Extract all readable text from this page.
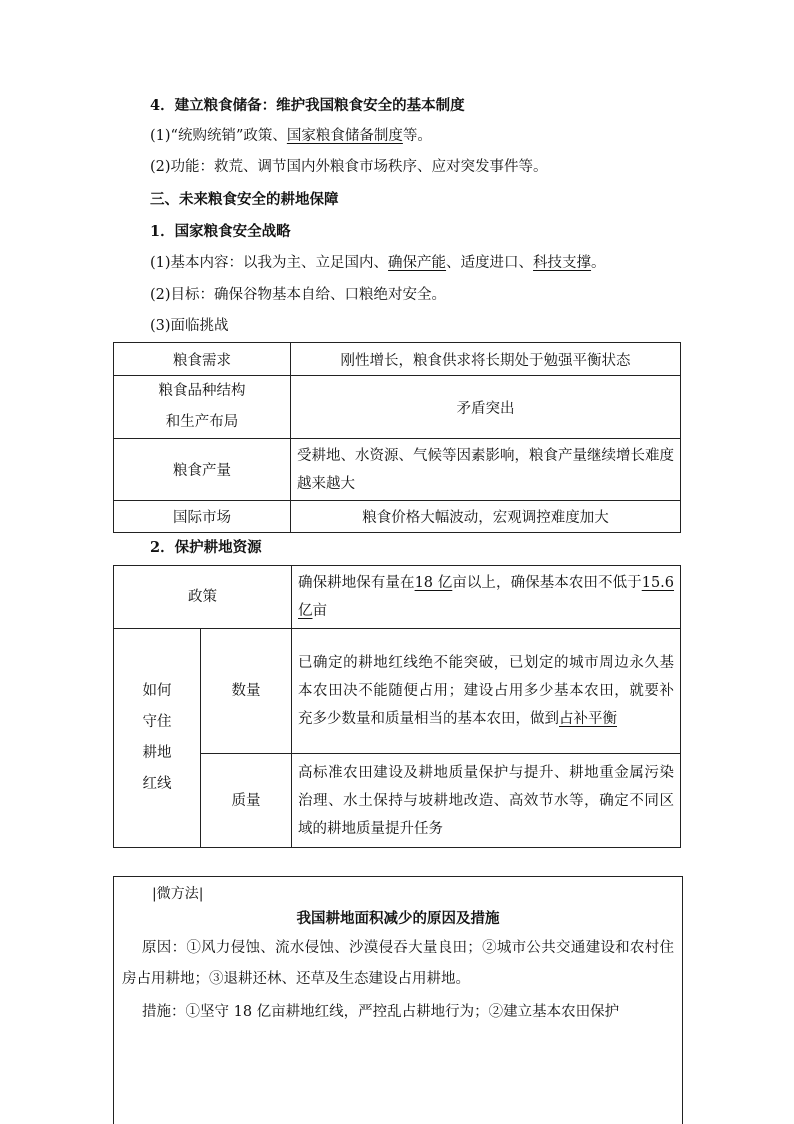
4．建立粮食储备：维护我国粮食安全的基本制度
(1)“统购统销”政策、国家粮食储备制度等。
(2)功能：救荒、调节国内外粮食市场秩序、应对突发事件等。
三、未来粮食安全的耕地保障
1．国家粮食安全战略
(1)基本内容：以我为主、立足国内、确保产能、适度进口、科技支撑。
(2)目标：确保谷物基本自给、口粮绝对安全。
(3)面临挑战
粮食需求	刚性增长，粮食供求将长期处于勉强平衡状态

粮食品种结构
和生产布局	矛盾突出
粮食产量	受耕地、水资源、气候等因素影响，粮食产量继续增长难度越来越大
国际市场	粮食价格大幅波动，宏观调控难度加大
2．保护耕地资源
政策		确保耕地保有量在18 亿亩以上，确保基本农田不低于15.6 亿亩

如何
守住
耕地
红线	数量	已确定的耕地红线绝不能突破，已划定的城市周边永久基本农田决不能随便占用；建设占用多少基本农田，就要补充多少数量和质量相当的基本农田，做到占补平衡
	质量	高标准农田建设及耕地质量保护与提升、耕地重金属污染治理、水土保持与坡耕地改造、高效节水等，确定不同区域的耕地质量提升任务
|微方法|
我国耕地面积减少的原因及措施
原因：①风力侵蚀、流水侵蚀、沙漠侵吞大量良田；②城市公共交通建设和农村住房占用耕地；③退耕还林、还草及生态建设占用耕地。
措施：①坚守 18 亿亩耕地红线，严控乱占耕地行为；②建立基本农田保护
